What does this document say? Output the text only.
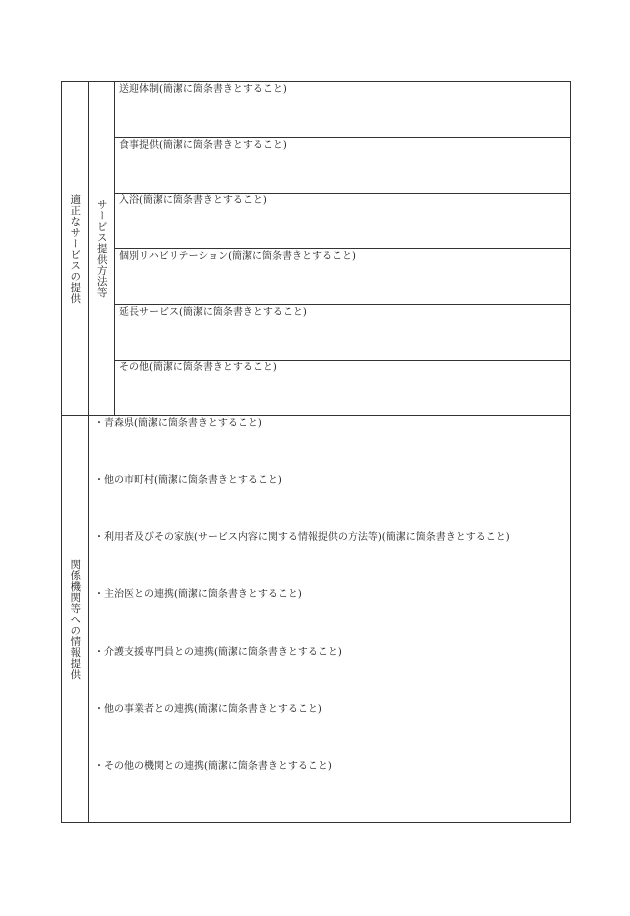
適正なサービスの提供	サービス提供方法等
送迎体制(簡潔に箇条書きとすること)
食事提供(簡潔に箇条書きとすること)
入浴(簡潔に箇条書きとすること)
個別リハビリテーション(簡潔に箇条書きとすること)
延長サービス(簡潔に箇条書きとすること)
その他(簡潔に箇条書きとすること)
関係機関等への情報提供
・青森県(簡潔に箇条書きとすること)
・他の市町村(簡潔に箇条書きとすること)
・利用者及びその家族(サービス内容に関する情報提供の方法等)(簡潔に箇条書きとすること)
・主治医との連携(簡潔に箇条書きとすること)
・介護支援専門員との連携(簡潔に箇条書きとすること)
・他の事業者との連携(簡潔に箇条書きとすること)
・その他の機関との連携(簡潔に箇条書きとすること)
